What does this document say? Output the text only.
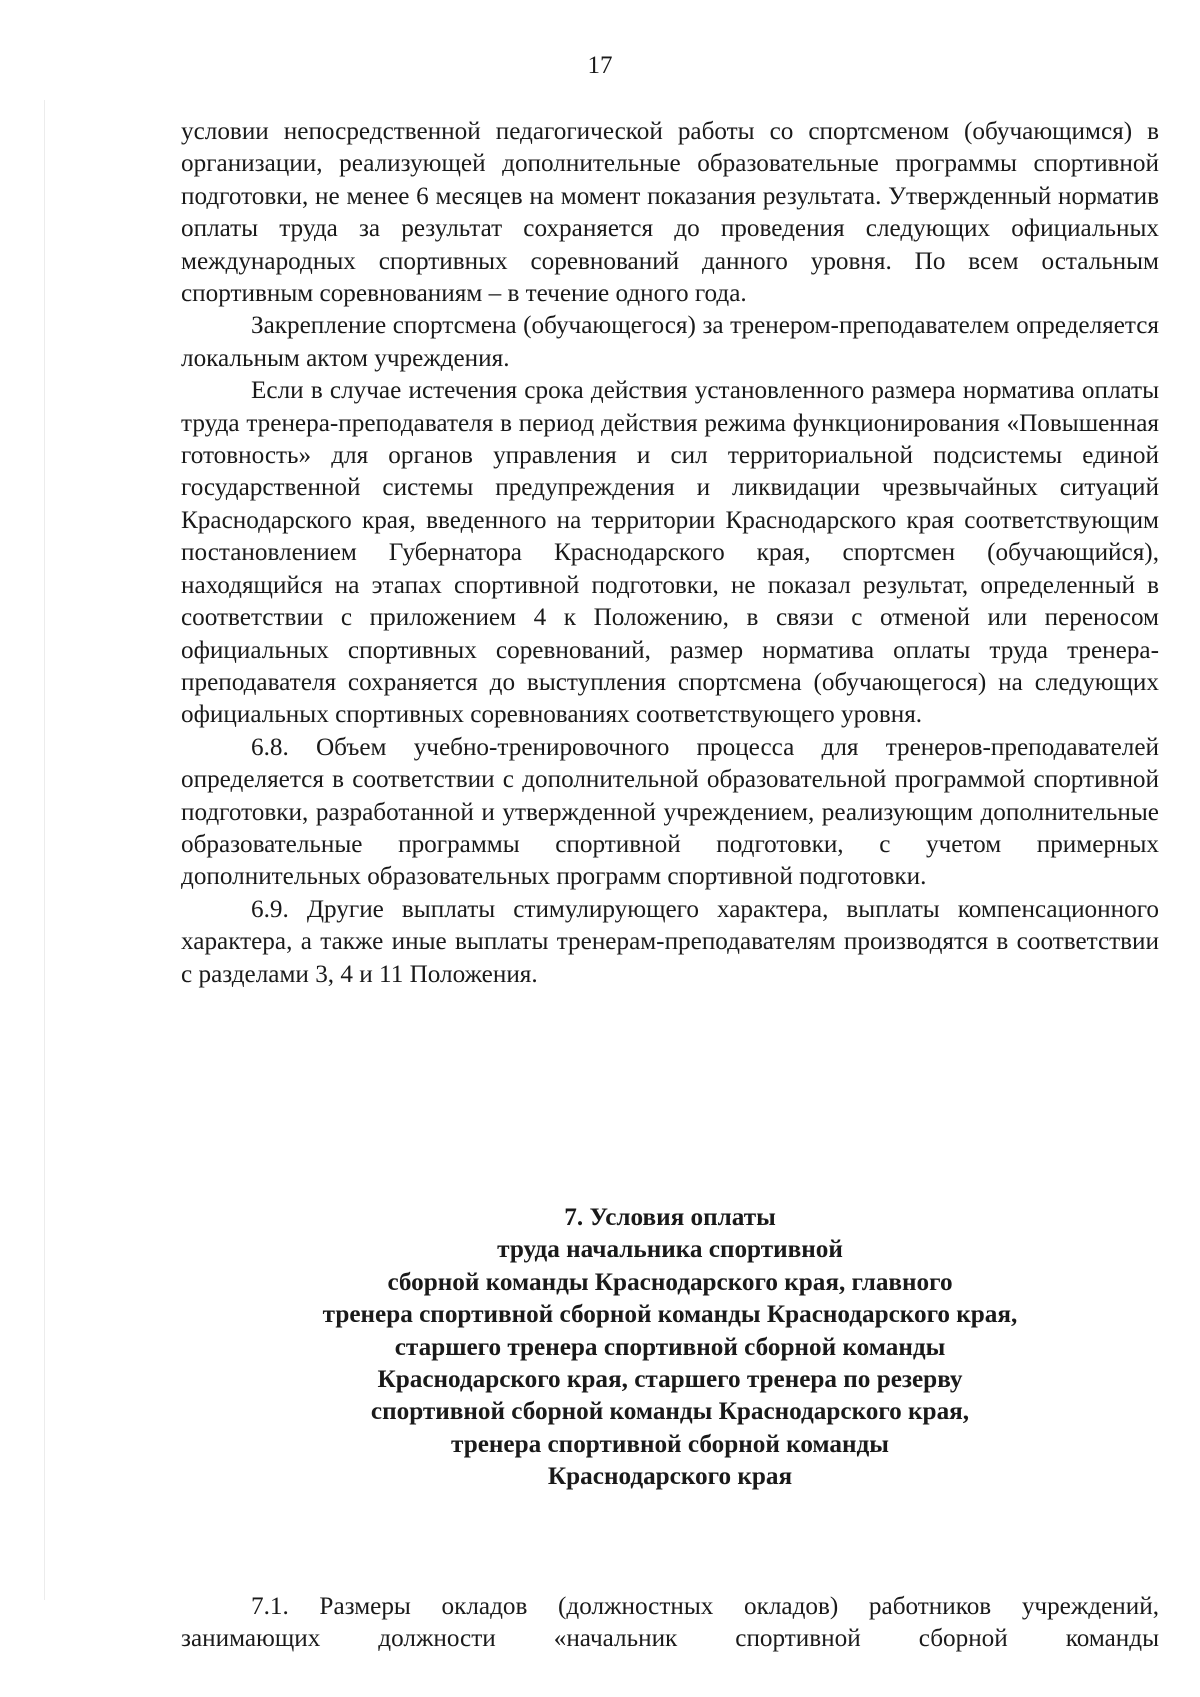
17

условии непосредственной педагогической работы со спортсменом (обучающимся) в организации, реализующей дополнительные образовательные программы спортивной подготовки, не менее 6 месяцев на момент показания результата. Утвержденный норматив оплаты труда за результат сохраняется до проведения следующих официальных международных спортивных соревнований данного уровня. По всем остальным спортивным соревнованиям – в течение одного года.

Закрепление спортсмена (обучающегося) за тренером-преподавателем определяется локальным актом учреждения.

Если в случае истечения срока действия установленного размера норматива оплаты труда тренера-преподавателя в период действия режима функционирования «Повышенная готовность» для органов управления и сил территориальной подсистемы единой государственной системы предупреждения и ликвидации чрезвычайных ситуаций Краснодарского края, введенного на территории Краснодарского края соответствующим постановлением Губернатора Краснодарского края, спортсмен (обучающийся), находящийся на этапах спортивной подготовки, не показал результат, определенный в соответствии с приложением 4 к Положению, в связи с отменой или переносом официальных спортивных соревнований, размер норматива оплаты труда тренера-преподавателя сохраняется до выступления спортсмена (обучающегося) на следующих официальных спортивных соревнованиях соответствующего уровня.

6.8. Объем учебно-тренировочного процесса для тренеров-преподавателей определяется в соответствии с дополнительной образовательной программой спортивной подготовки, разработанной и утвержденной учреждением, реализующим дополнительные образовательные программы спортивной подготовки, с учетом примерных дополнительных образовательных программ спортивной подготовки.

6.9. Другие выплаты стимулирующего характера, выплаты компенсационного характера, а также иные выплаты тренерам-преподавателям производятся в соответствии с разделами 3, 4 и 11 Положения.

7. Условия оплаты
труда начальника спортивной
сборной команды Краснодарского края, главного
тренера спортивной сборной команды Краснодарского края,
старшего тренера спортивной сборной команды
Краснодарского края, старшего тренера по резерву
спортивной сборной команды Краснодарского края,
тренера спортивной сборной команды
Краснодарского края

7.1. Размеры окладов (должностных окладов) работников учреждений,

занимающих должности «начальник спортивной сборной команды
